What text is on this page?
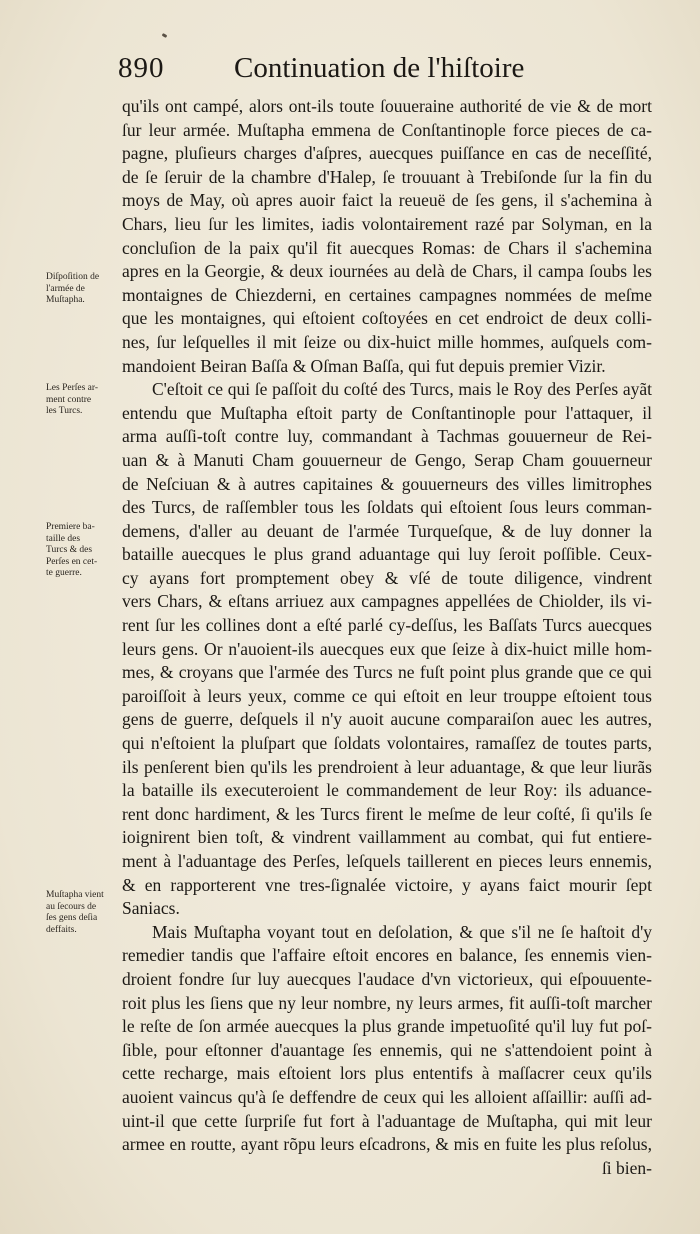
890 Continuation de l'hiſtoire
Diſpoſition de
l'armée de
Muſtapha.
Les Perſes ar-
ment contre
les Turcs.
Premiere ba-
taille des
Turcs & des
Perſes en cet-
te guerre.
Muſtapha vient
au ſecours de
ſes gens deſia
deffaits.
qu'ils ont campé, alors ont-ils toute ſouueraine authorité de vie & de mort
ſur leur armée. Muſtapha emmena de Conſtantinople force pieces de ca-
pagne, pluſieurs charges d'aſpres, auecques puiſſance en cas de neceſſité,
de ſe ſeruir de la chambre d'Halep, ſe trouuant à Trebiſonde ſur la fin du
moys de May, où apres auoir faict la reueuë de ſes gens, il s'achemina à
Chars, lieu ſur les limites, iadis volontairement razé par Solyman, en la
concluſion de la paix qu'il fit auecques Romas: de Chars il s'achemina
apres en la Georgie, & deux iournées au delà de Chars, il campa ſoubs les
montaignes de Chiezderni, en certaines campagnes nommées de meſme
que les montaignes, qui eſtoient coſtoyées en cet endroict de deux colli-
nes, ſur leſquelles il mit ſeize ou dix-huict mille hommes, auſquels com-
mandoient Beiran Baſſa & Oſman Baſſa, qui fut depuis premier Vizir.
C'eſtoit ce qui ſe paſſoit du coſté des Turcs, mais le Roy des Perſes ayãt
entendu que Muſtapha eſtoit party de Conſtantinople pour l'attaquer, il
arma auſſi-toſt contre luy, commandant à Tachmas gouuerneur de Rei-
uan & à Manuti Cham gouuerneur de Gengo, Serap Cham gouuerneur
de Neſciuan & à autres capitaines & gouuerneurs des villes limitrophes
des Turcs, de raſſembler tous les ſoldats qui eſtoient ſous leurs comman-
demens, d'aller au deuant de l'armée Turqueſque, & de luy donner la
bataille auecques le plus grand aduantage qui luy ſeroit poſſible. Ceux-
cy ayans fort promptement obey & vſé de toute diligence, vindrent
vers Chars, & eſtans arriuez aux campagnes appellées de Chiolder, ils vi-
rent ſur les collines dont a eſté parlé cy-deſſus, les Baſſats Turcs auecques
leurs gens. Or n'auoient-ils auecques eux que ſeize à dix-huict mille hom-
mes, & croyans que l'armée des Turcs ne fuſt point plus grande que ce qui
paroiſſoit à leurs yeux, comme ce qui eſtoit en leur trouppe eſtoient tous
gens de guerre, deſquels il n'y auoit aucune comparaiſon auec les autres,
qui n'eſtoient la pluſpart que ſoldats volontaires, ramaſſez de toutes parts,
ils penſerent bien qu'ils les prendroient à leur aduantage, & que leur liurãs
la bataille ils executeroient le commandement de leur Roy: ils aduance-
rent donc hardiment, & les Turcs firent le meſme de leur coſté, ſi qu'ils ſe
ioignirent bien toſt, & vindrent vaillamment au combat, qui fut entiere-
ment à l'aduantage des Perſes, leſquels taillerent en pieces leurs ennemis,
& en rapporterent vne tres-ſignalée victoire, y ayans faict mourir ſept
Saniacs.
Mais Muſtapha voyant tout en deſolation, & que s'il ne ſe haſtoit d'y
remedier tandis que l'affaire eſtoit encores en balance, ſes ennemis vien-
droient fondre ſur luy auecques l'audace d'vn victorieux, qui eſpouuente-
roit plus les ſiens que ny leur nombre, ny leurs armes, fit auſſi-toſt marcher
le reſte de ſon armée auecques la plus grande impetuoſité qu'il luy fut poſ-
ſible, pour eſtonner d'auantage ſes ennemis, qui ne s'attendoient point à
cette recharge, mais eſtoient lors plus ententifs à maſſacrer ceux qu'ils
auoient vaincus qu'à ſe deffendre de ceux qui les alloient aſſaillir: auſſi ad-
uint-il que cette ſurpriſe fut fort à l'aduantage de Muſtapha, qui mit leur
armee en routte, ayant rõpu leurs eſcadrons, & mis en fuite les plus reſolus,
ſi bien-
